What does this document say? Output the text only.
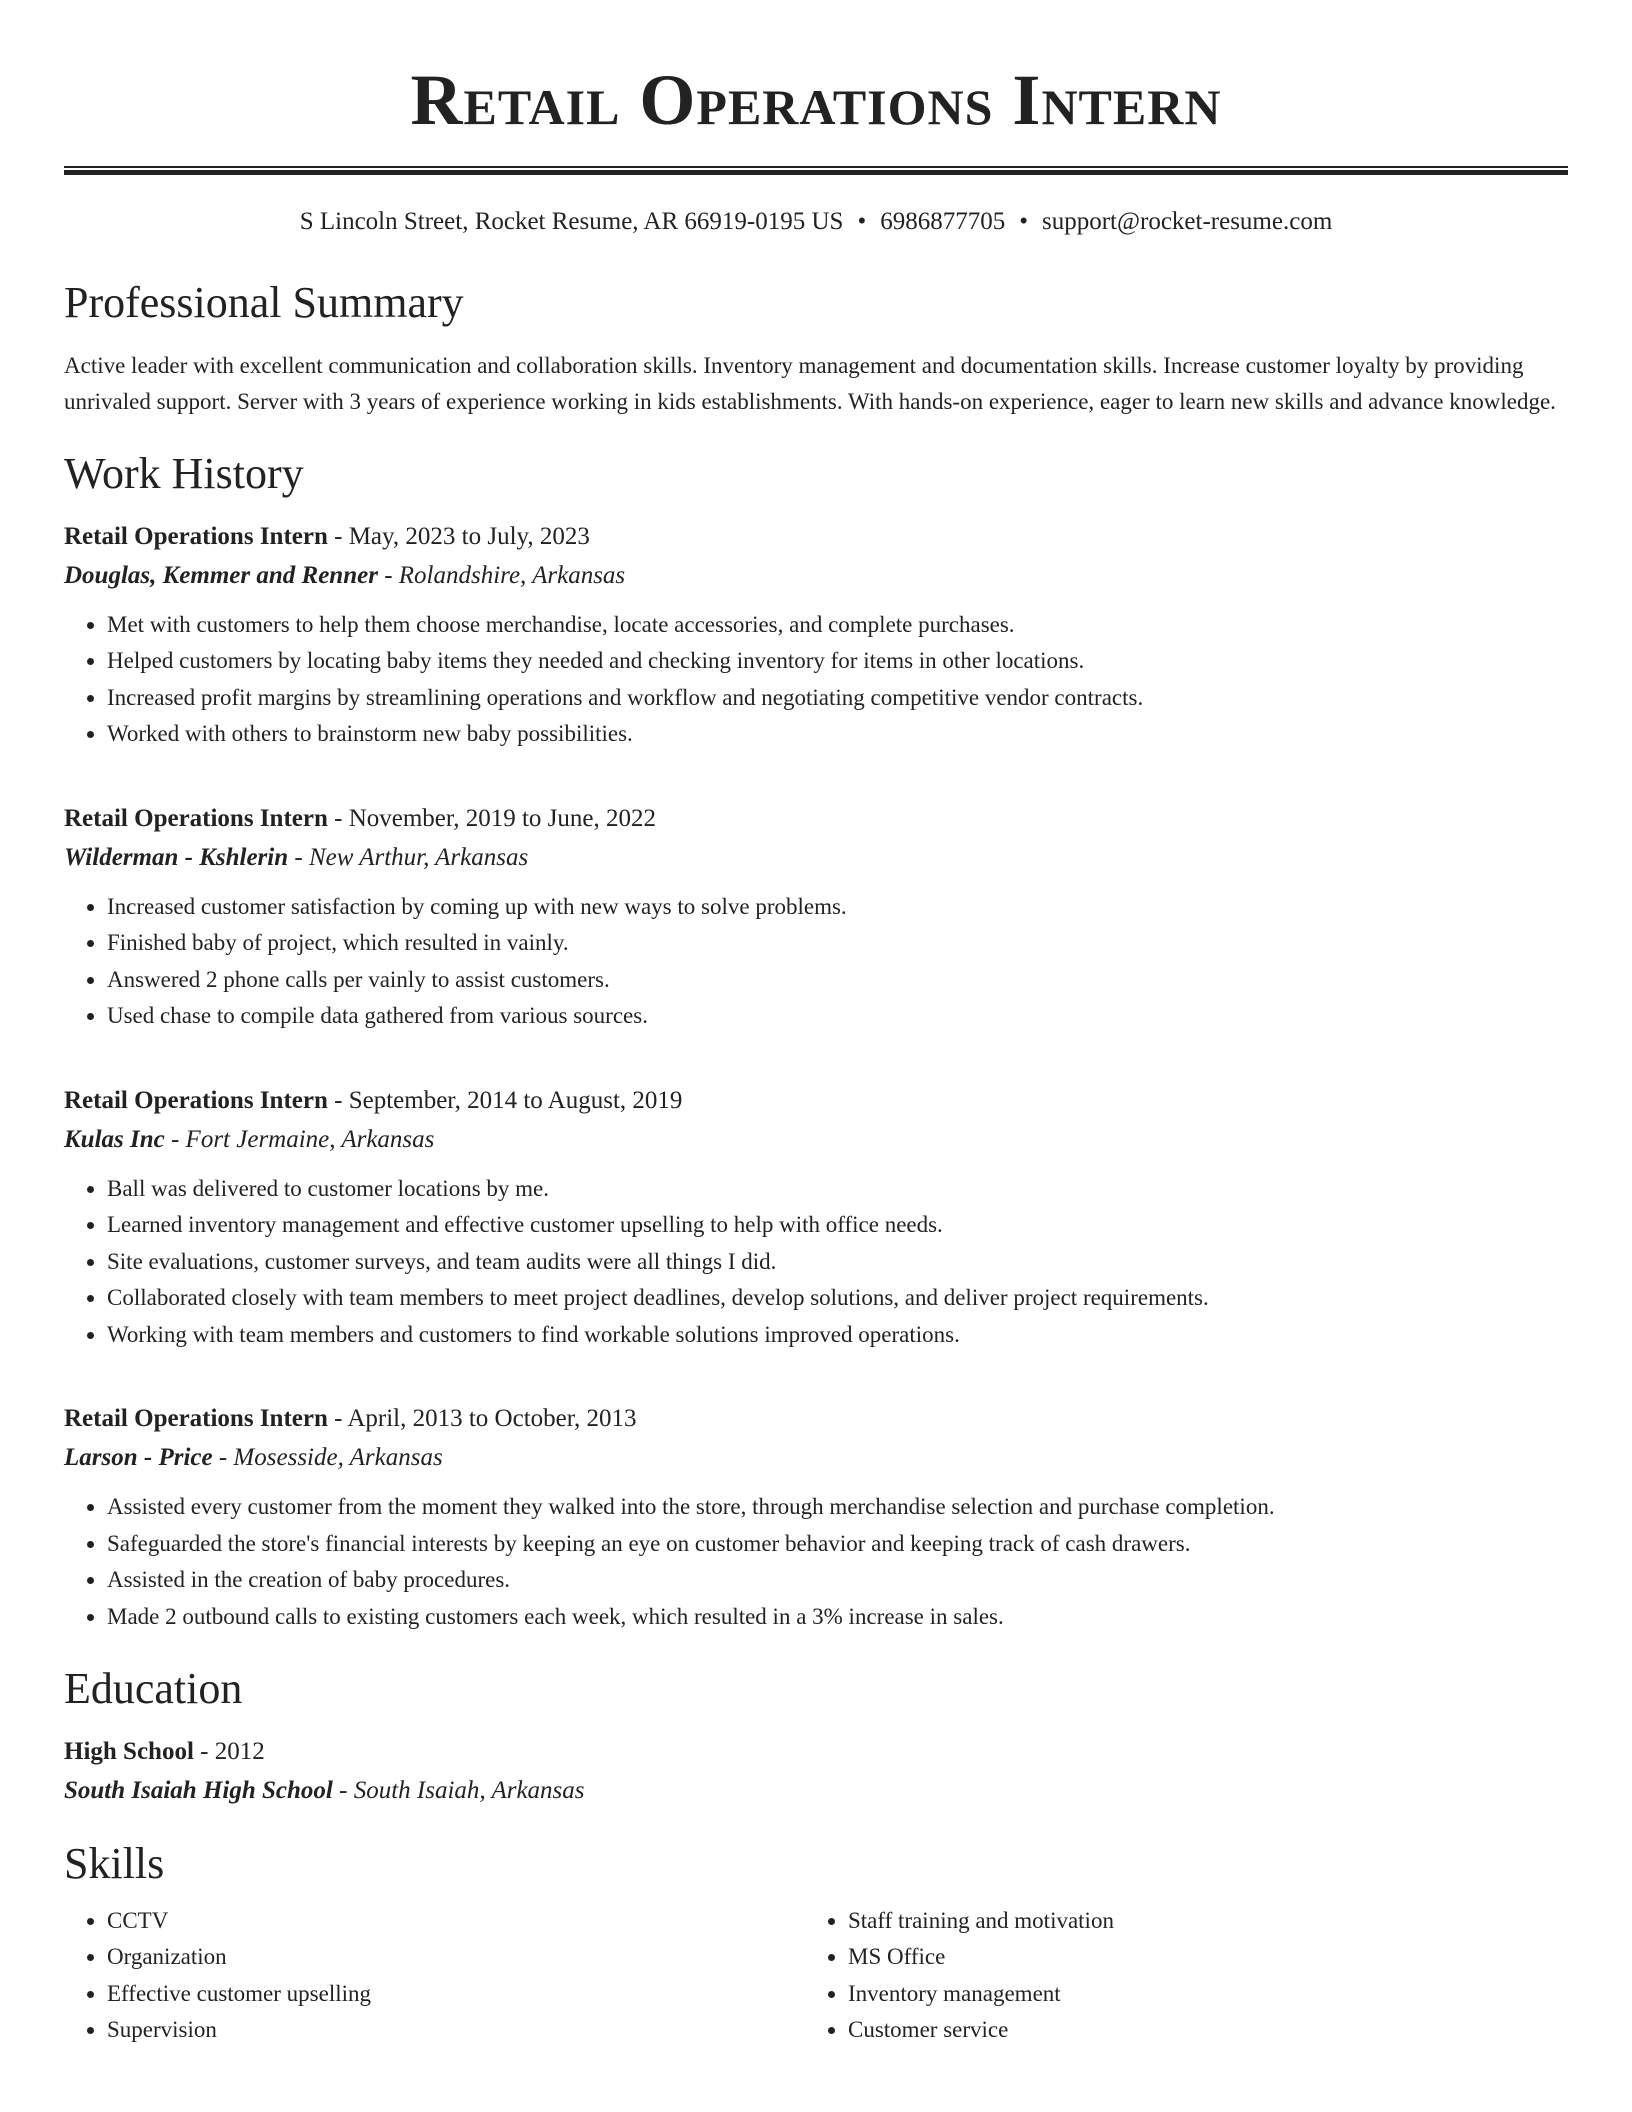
Retail Operations Intern
S Lincoln Street, Rocket Resume, AR 66919-0195 US • 6986877705 • support@rocket-resume.com
Professional Summary
Active leader with excellent communication and collaboration skills. Inventory management and documentation skills. Increase customer loyalty by providing unrivaled support. Server with 3 years of experience working in kids establishments. With hands-on experience, eager to learn new skills and advance knowledge.
Work History
Retail Operations Intern - May, 2023 to July, 2023
Douglas, Kemmer and Renner - Rolandshire, Arkansas
• Met with customers to help them choose merchandise, locate accessories, and complete purchases.
• Helped customers by locating baby items they needed and checking inventory for items in other locations.
• Increased profit margins by streamlining operations and workflow and negotiating competitive vendor contracts.
• Worked with others to brainstorm new baby possibilities.
Retail Operations Intern - November, 2019 to June, 2022
Wilderman - Kshlerin - New Arthur, Arkansas
• Increased customer satisfaction by coming up with new ways to solve problems.
• Finished baby of project, which resulted in vainly.
• Answered 2 phone calls per vainly to assist customers.
• Used chase to compile data gathered from various sources.
Retail Operations Intern - September, 2014 to August, 2019
Kulas Inc - Fort Jermaine, Arkansas
• Ball was delivered to customer locations by me.
• Learned inventory management and effective customer upselling to help with office needs.
• Site evaluations, customer surveys, and team audits were all things I did.
• Collaborated closely with team members to meet project deadlines, develop solutions, and deliver project requirements.
• Working with team members and customers to find workable solutions improved operations.
Retail Operations Intern - April, 2013 to October, 2013
Larson - Price - Mosesside, Arkansas
• Assisted every customer from the moment they walked into the store, through merchandise selection and purchase completion.
• Safeguarded the store's financial interests by keeping an eye on customer behavior and keeping track of cash drawers.
• Assisted in the creation of baby procedures.
• Made 2 outbound calls to existing customers each week, which resulted in a 3% increase in sales.
Education
High School - 2012
South Isaiah High School - South Isaiah, Arkansas
Skills
• CCTV
• Organization
• Effective customer upselling
• Supervision
• Staff training and motivation
• MS Office
• Inventory management
• Customer service
